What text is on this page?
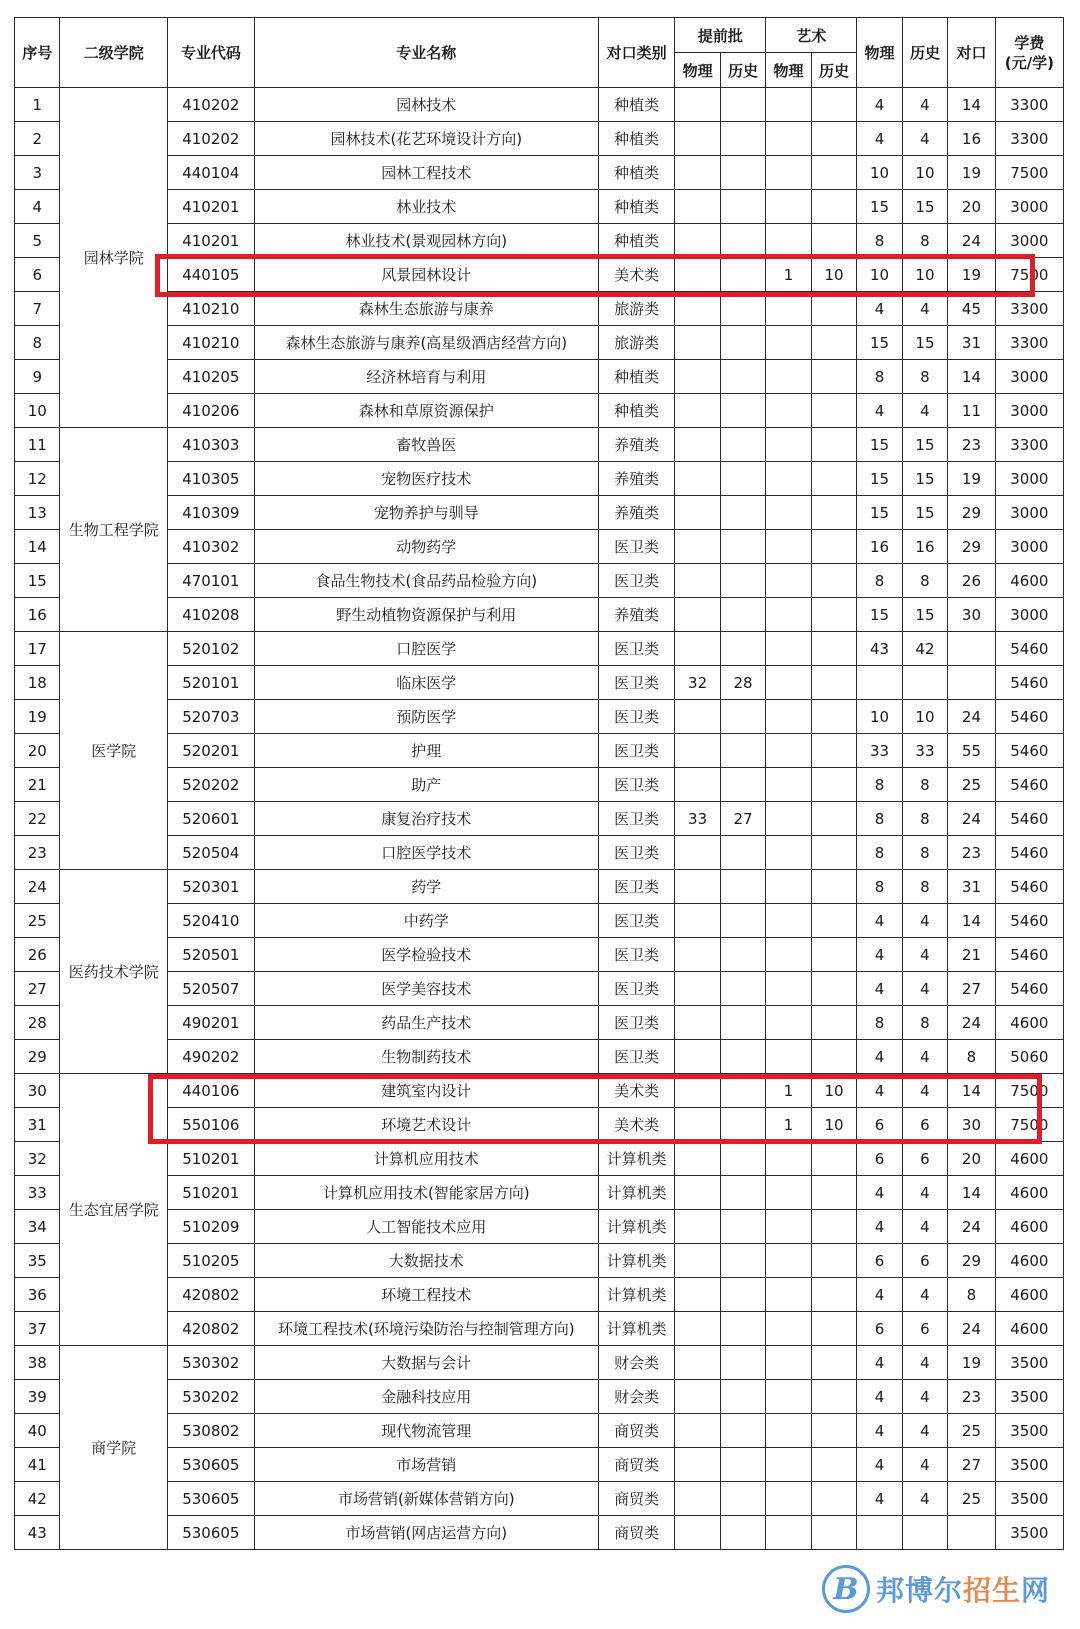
序号	二级学院	专业代码	专业名称	对口类别	提前批		艺术		物理	历史	对口	学费
(元/学)
					物理	历史	物理	历史				
1	园林学院	410202	园林技术	种植类					4	4	14	3300
2		410202	园林技术(花艺环境设计方向)	种植类					4	4	16	3300
3		440104	园林工程技术	种植类					10	10	19	7500
4		410201	林业技术	种植类					15	15	20	3000
5		410201	林业技术(景观园林方向)	种植类					8	8	24	3000
6		440105	风景园林设计	美术类			1	10	10	10	19	7500
7		410210	森林生态旅游与康养	旅游类					4	4	45	3300
8		410210	森林生态旅游与康养(高星级酒店经营方向)	旅游类					15	15	31	3300
9		410205	经济林培育与利用	种植类					8	8	14	3000
10		410206	森林和草原资源保护	种植类					4	4	11	3000
11	生物工程学院	410303	畜牧兽医	养殖类					15	15	23	3300
12		410305	宠物医疗技术	养殖类					15	15	19	3000
13		410309	宠物养护与驯导	养殖类					15	15	29	3000
14		410302	动物药学	医卫类					16	16	29	3000
15		470101	食品生物技术(食品药品检验方向)	医卫类					8	8	26	4600
16		410208	野生动植物资源保护与利用	养殖类					15	15	30	3000
17	医学院	520102	口腔医学	医卫类					43	42		5460
18		520101	临床医学	医卫类	32	28						5460
19		520703	预防医学	医卫类					10	10	24	5460
20		520201	护理	医卫类					33	33	55	5460
21		520202	助产	医卫类					8	8	25	5460
22		520601	康复治疗技术	医卫类	33	27			8	8	24	5460
23		520504	口腔医学技术	医卫类					8	8	23	5460
24	医药技术学院	520301	药学	医卫类					8	8	31	5460
25		520410	中药学	医卫类					4	4	14	5460
26		520501	医学检验技术	医卫类					4	4	21	5460
27		520507	医学美容技术	医卫类					4	4	27	5460
28		490201	药品生产技术	医卫类					8	8	24	4600
29		490202	生物制药技术	医卫类					4	4	8	5060
30	生态宜居学院	440106	建筑室内设计	美术类			1	10	4	4	14	7500
31		550106	环境艺术设计	美术类			1	10	6	6	30	7500
32		510201	计算机应用技术	计算机类					6	6	20	4600
33		510201	计算机应用技术(智能家居方向)	计算机类					4	4	14	4600
34		510209	人工智能技术应用	计算机类					4	4	24	4600
35		510205	大数据技术	计算机类					6	6	29	4600
36		420802	环境工程技术	计算机类					4	4	8	4600
37		420802	环境工程技术(环境污染防治与控制管理方向)	计算机类					6	6	24	4600
38	商学院	530302	大数据与会计	财会类					4	4	19	3500
39		530202	金融科技应用	财会类					4	4	23	3500
40		530802	现代物流管理	商贸类					4	4	25	3500
41		530605	市场营销	商贸类					4	4	27	3500
42		530605	市场营销(新媒体营销方向)	商贸类					4	4	25	3500
43		530605	市场营销(网店运营方向)	商贸类								3500
B 邦博尔招生网
